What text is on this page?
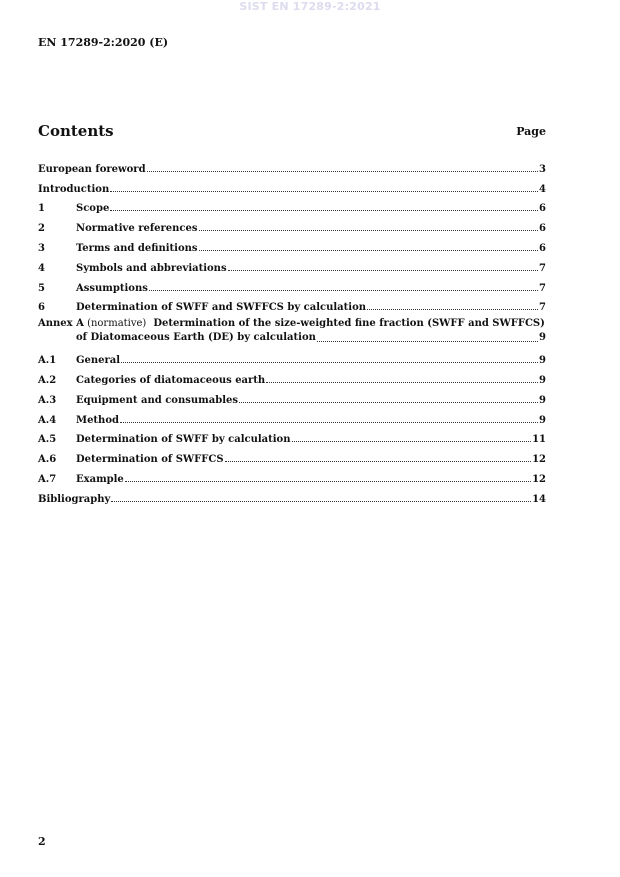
SIST EN 17289-2:2021
EN 17289-2:2020 (E)
Contents	Page
European foreword	3
Introduction	4
1	Scope	6
2	Normative references	6
3	Terms and definitions	6
4	Symbols and abbreviations	7
5	Assumptions	7
6	Determination of SWFF and SWFFCS by calculation	7
Annex A (normative) Determination of the size-weighted fine fraction (SWFF and SWFFCS)
of Diatomaceous Earth (DE) by calculation	9
A.1	General	9
A.2	Categories of diatomaceous earth	9
A.3	Equipment and consumables	9
A.4	Method	9
A.5	Determination of SWFF by calculation	11
A.6	Determination of SWFFCS	12
A.7	Example	12
Bibliography	14
2
